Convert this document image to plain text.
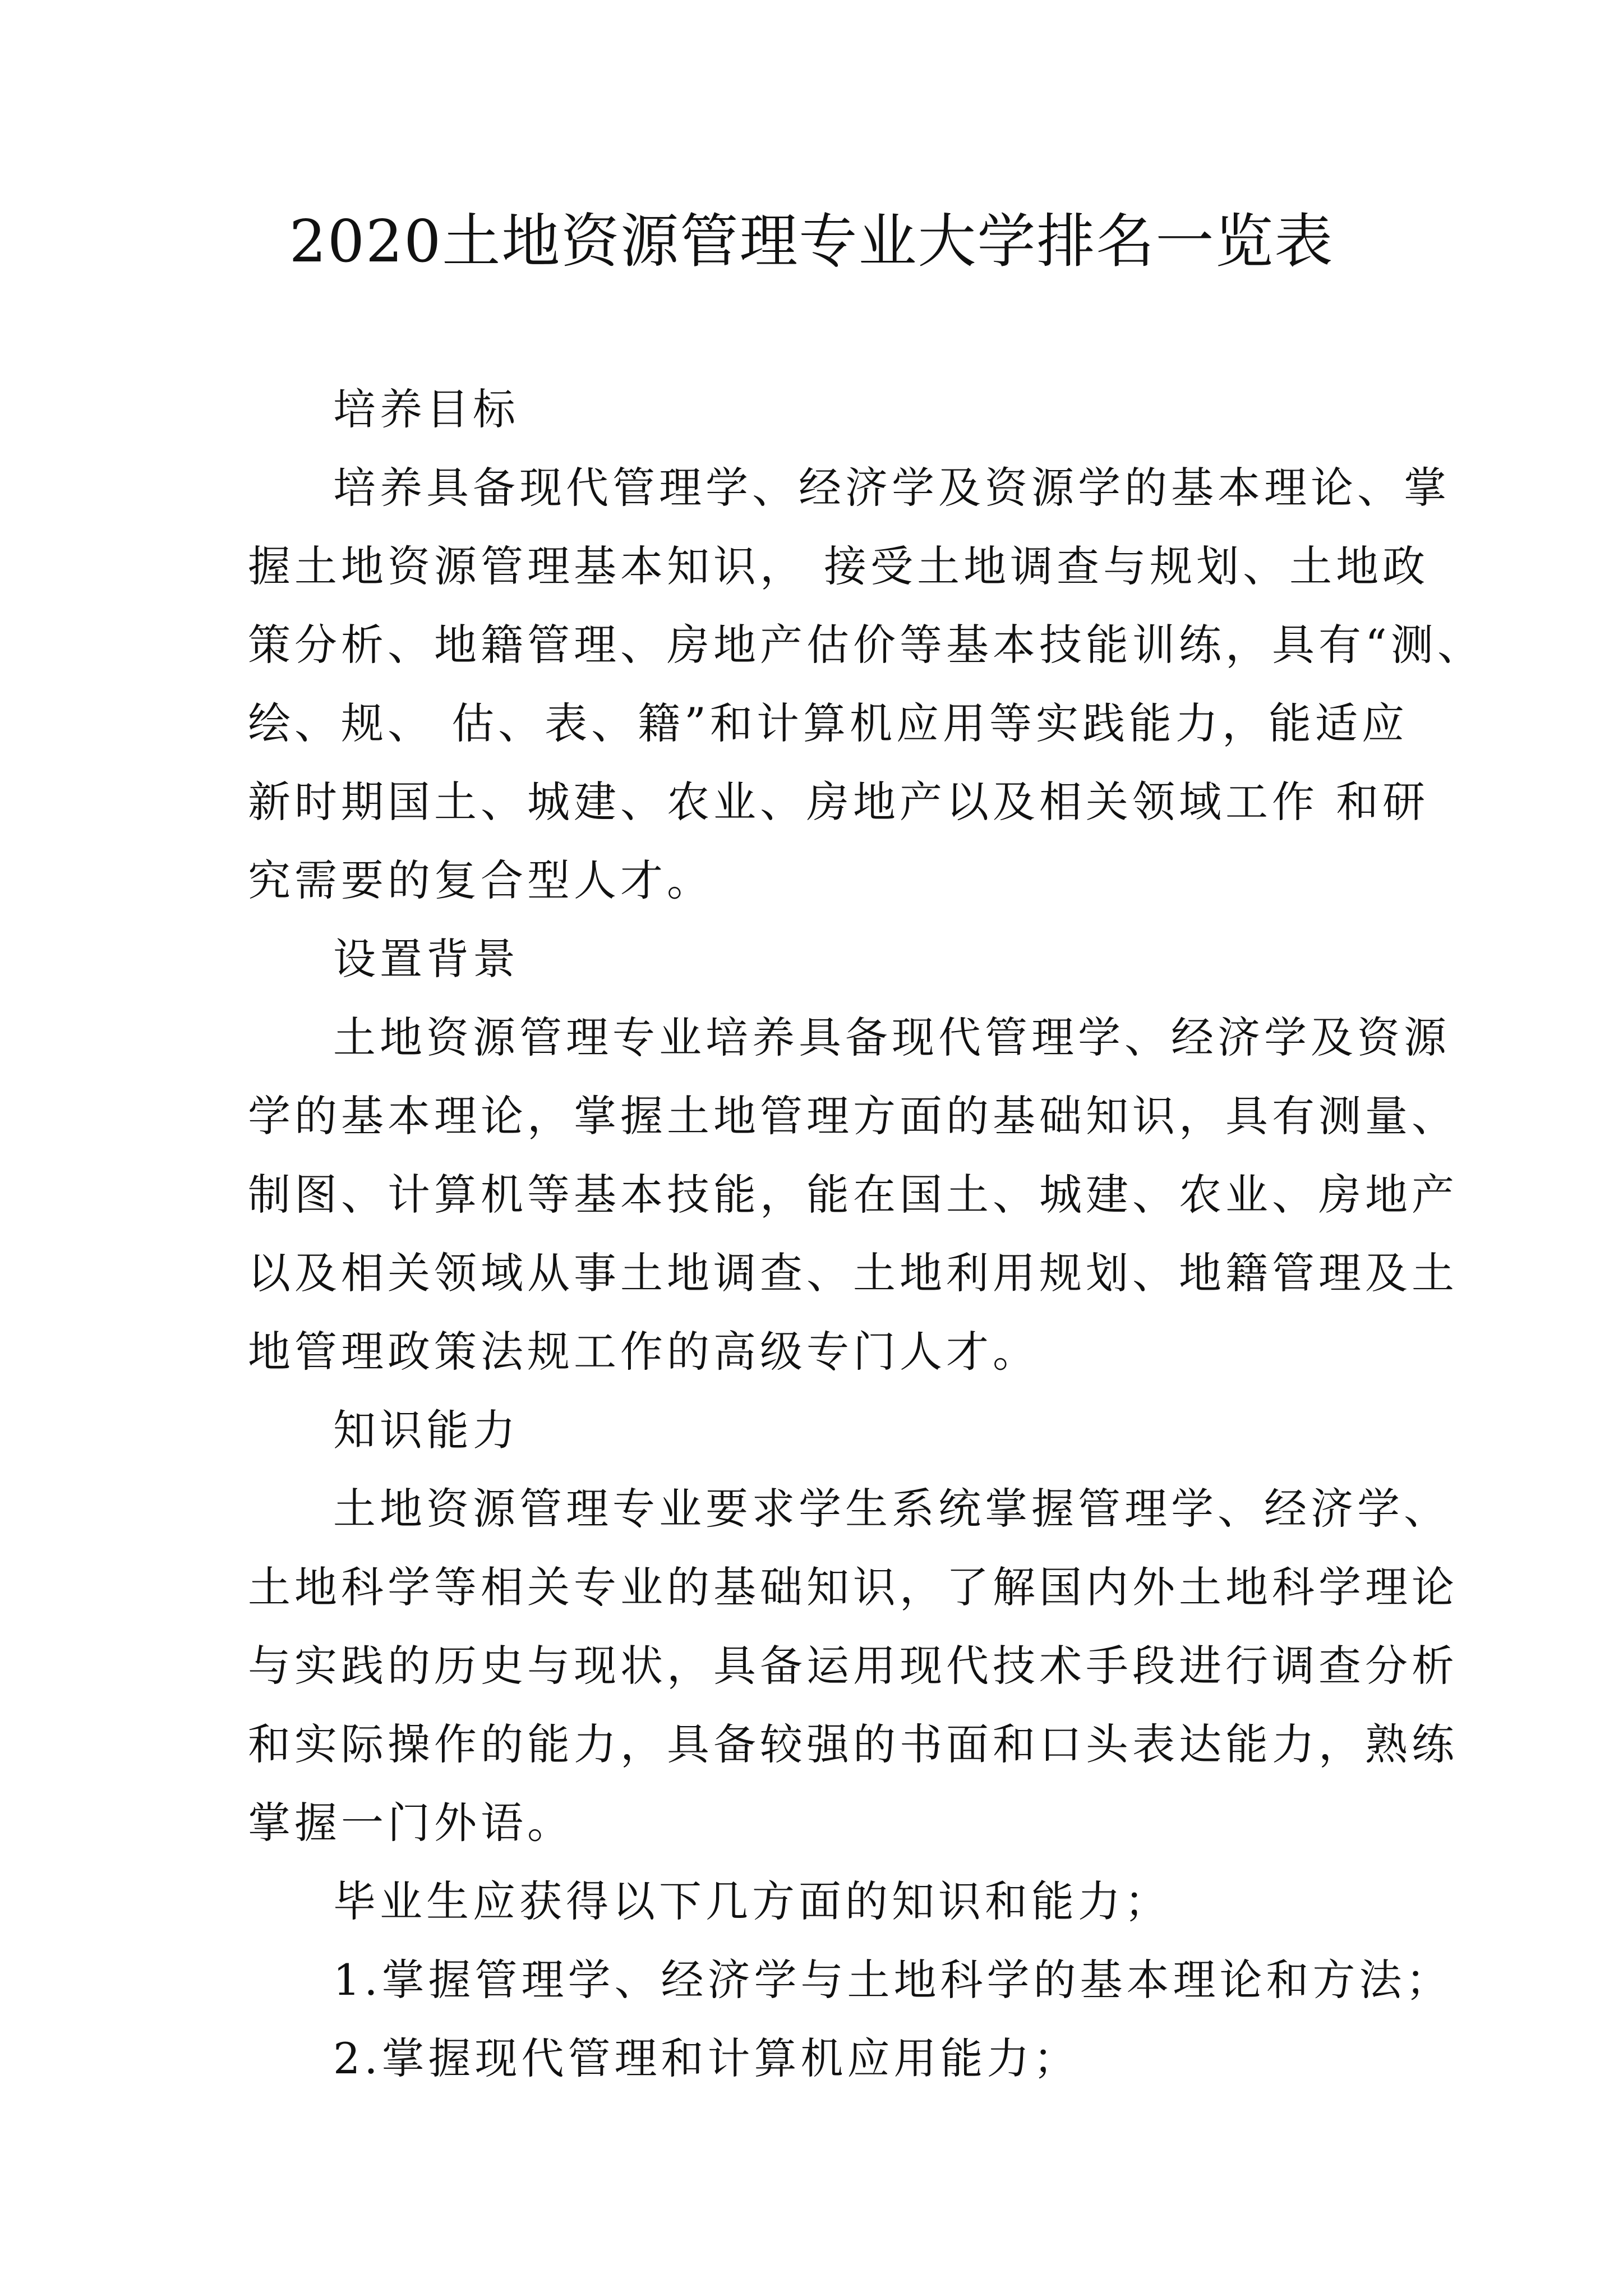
2020土地资源管理专业大学排名一览表

培养目标

培养具备现代管理学、经济学及资源学的基本理论、掌

握土地资源管理基本知识， 接受土地调查与规划、土地政

策分析、地籍管理、房地产估价等基本技能训练，具有“测、

绘、规、 估、表、籍”和计算机应用等实践能力，能适应

新时期国土、城建、农业、房地产以及相关领域工作 和研

究需要的复合型人才。

设置背景

土地资源管理专业培养具备现代管理学、经济学及资源

学的基本理论，掌握土地管理方面的基础知识，具有测量、

制图、计算机等基本技能，能在国土、城建、农业、房地产

以及相关领域从事土地调查、土地利用规划、地籍管理及土

地管理政策法规工作的高级专门人才。

知识能力

土地资源管理专业要求学生系统掌握管理学、经济学、

土地科学等相关专业的基础知识，了解国内外土地科学理论

与实践的历史与现状，具备运用现代技术手段进行调查分析

和实际操作的能力，具备较强的书面和口头表达能力，熟练

掌握一门外语。

毕业生应获得以下几方面的知识和能力；

1.掌握管理学、经济学与土地科学的基本理论和方法；

2.掌握现代管理和计算机应用能力；
